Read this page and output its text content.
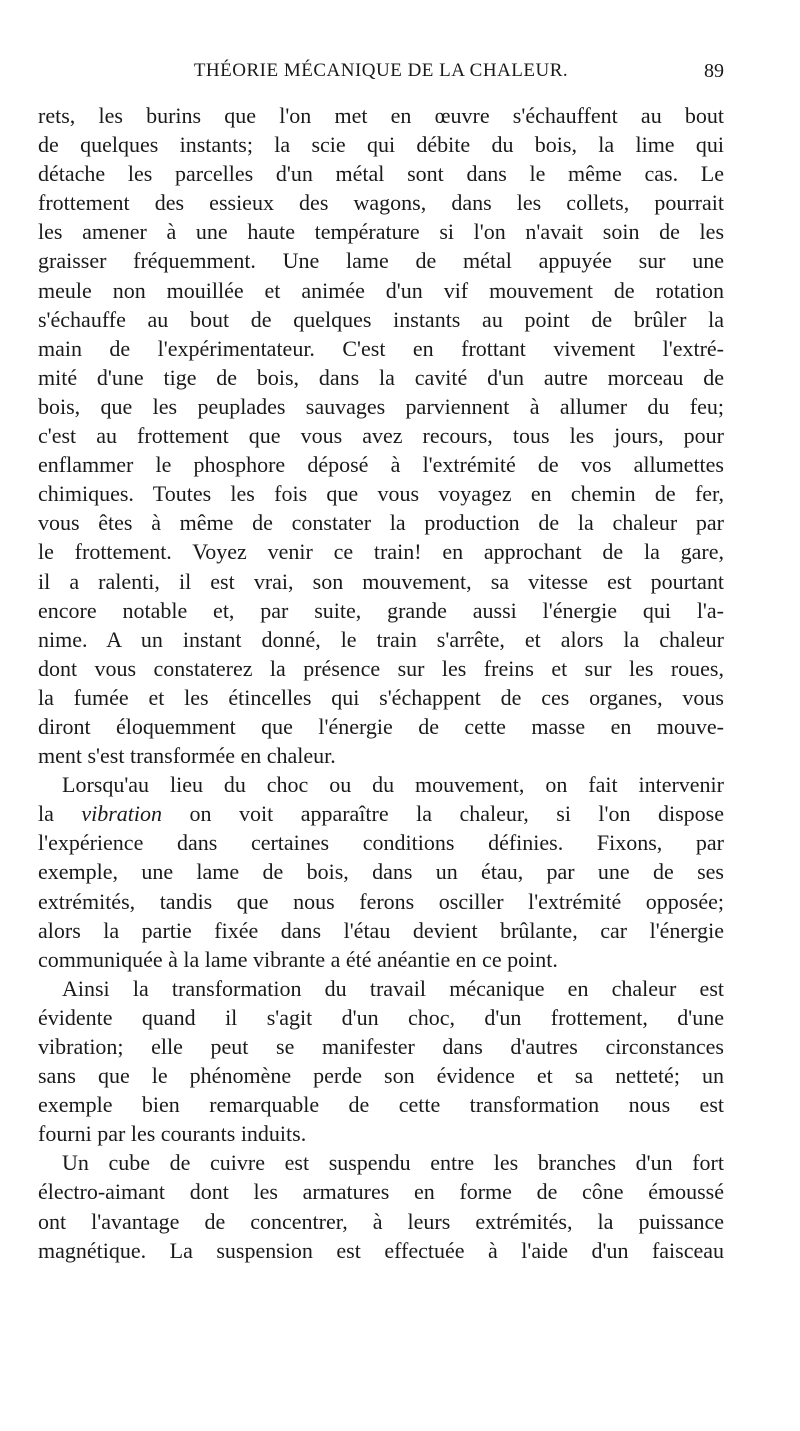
THÉORIE MÉCANIQUE DE LA CHALEUR.	89
rets, les burins que l'on met en œuvre s'échauffent au bout
de quelques instants; la scie qui débite du bois, la lime qui
détache les parcelles d'un métal sont dans le même cas. Le
frottement des essieux des wagons, dans les collets, pourrait
les amener à une haute température si l'on n'avait soin de les
graisser fréquemment. Une lame de métal appuyée sur une
meule non mouillée et animée d'un vif mouvement de rotation
s'échauffe au bout de quelques instants au point de brûler la
main de l'expérimentateur. C'est en frottant vivement l'extré-
mité d'une tige de bois, dans la cavité d'un autre morceau de
bois, que les peuplades sauvages parviennent à allumer du feu;
c'est au frottement que vous avez recours, tous les jours, pour
enflammer le phosphore déposé à l'extrémité de vos allumettes
chimiques. Toutes les fois que vous voyagez en chemin de fer,
vous êtes à même de constater la production de la chaleur par
le frottement. Voyez venir ce train! en approchant de la gare,
il a ralenti, il est vrai, son mouvement, sa vitesse est pourtant
encore notable et, par suite, grande aussi l'énergie qui l'a-
nime. A un instant donné, le train s'arrête, et alors la chaleur
dont vous constaterez la présence sur les freins et sur les roues,
la fumée et les étincelles qui s'échappent de ces organes, vous
diront éloquemment que l'énergie de cette masse en mouve-
ment s'est transformée en chaleur.
Lorsqu'au lieu du choc ou du mouvement, on fait intervenir
la vibration on voit apparaître la chaleur, si l'on dispose
l'expérience dans certaines conditions définies. Fixons, par
exemple, une lame de bois, dans un étau, par une de ses
extrémités, tandis que nous ferons osciller l'extrémité opposée;
alors la partie fixée dans l'étau devient brûlante, car l'énergie
communiquée à la lame vibrante a été anéantie en ce point.
Ainsi la transformation du travail mécanique en chaleur est
évidente quand il s'agit d'un choc, d'un frottement, d'une
vibration; elle peut se manifester dans d'autres circonstances
sans que le phénomène perde son évidence et sa netteté; un
exemple bien remarquable de cette transformation nous est
fourni par les courants induits.
Un cube de cuivre est suspendu entre les branches d'un fort
électro-aimant dont les armatures en forme de cône émoussé
ont l'avantage de concentrer, à leurs extrémités, la puissance
magnétique. La suspension est effectuée à l'aide d'un faisceau
